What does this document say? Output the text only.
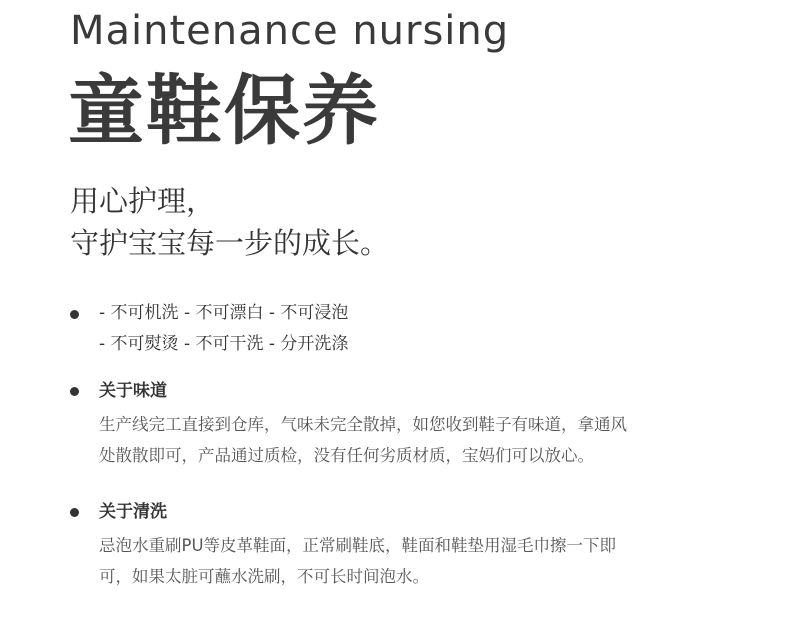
Maintenance nursing
童鞋保养
用心护理，
守护宝宝每一步的成长。
- 不可机洗 - 不可漂白 - 不可浸泡
- 不可熨烫 - 不可干洗 - 分开洗涤
关于味道
生产线完工直接到仓库，气味未完全散掉，如您收到鞋子有味道，拿通风
处散散即可，产品通过质检，没有任何劣质材质，宝妈们可以放心。
关于清洗
忌泡水重刷PU等皮革鞋面，正常刷鞋底，鞋面和鞋垫用湿毛巾擦一下即
可，如果太脏可蘸水洗刷，不可长时间泡水。
